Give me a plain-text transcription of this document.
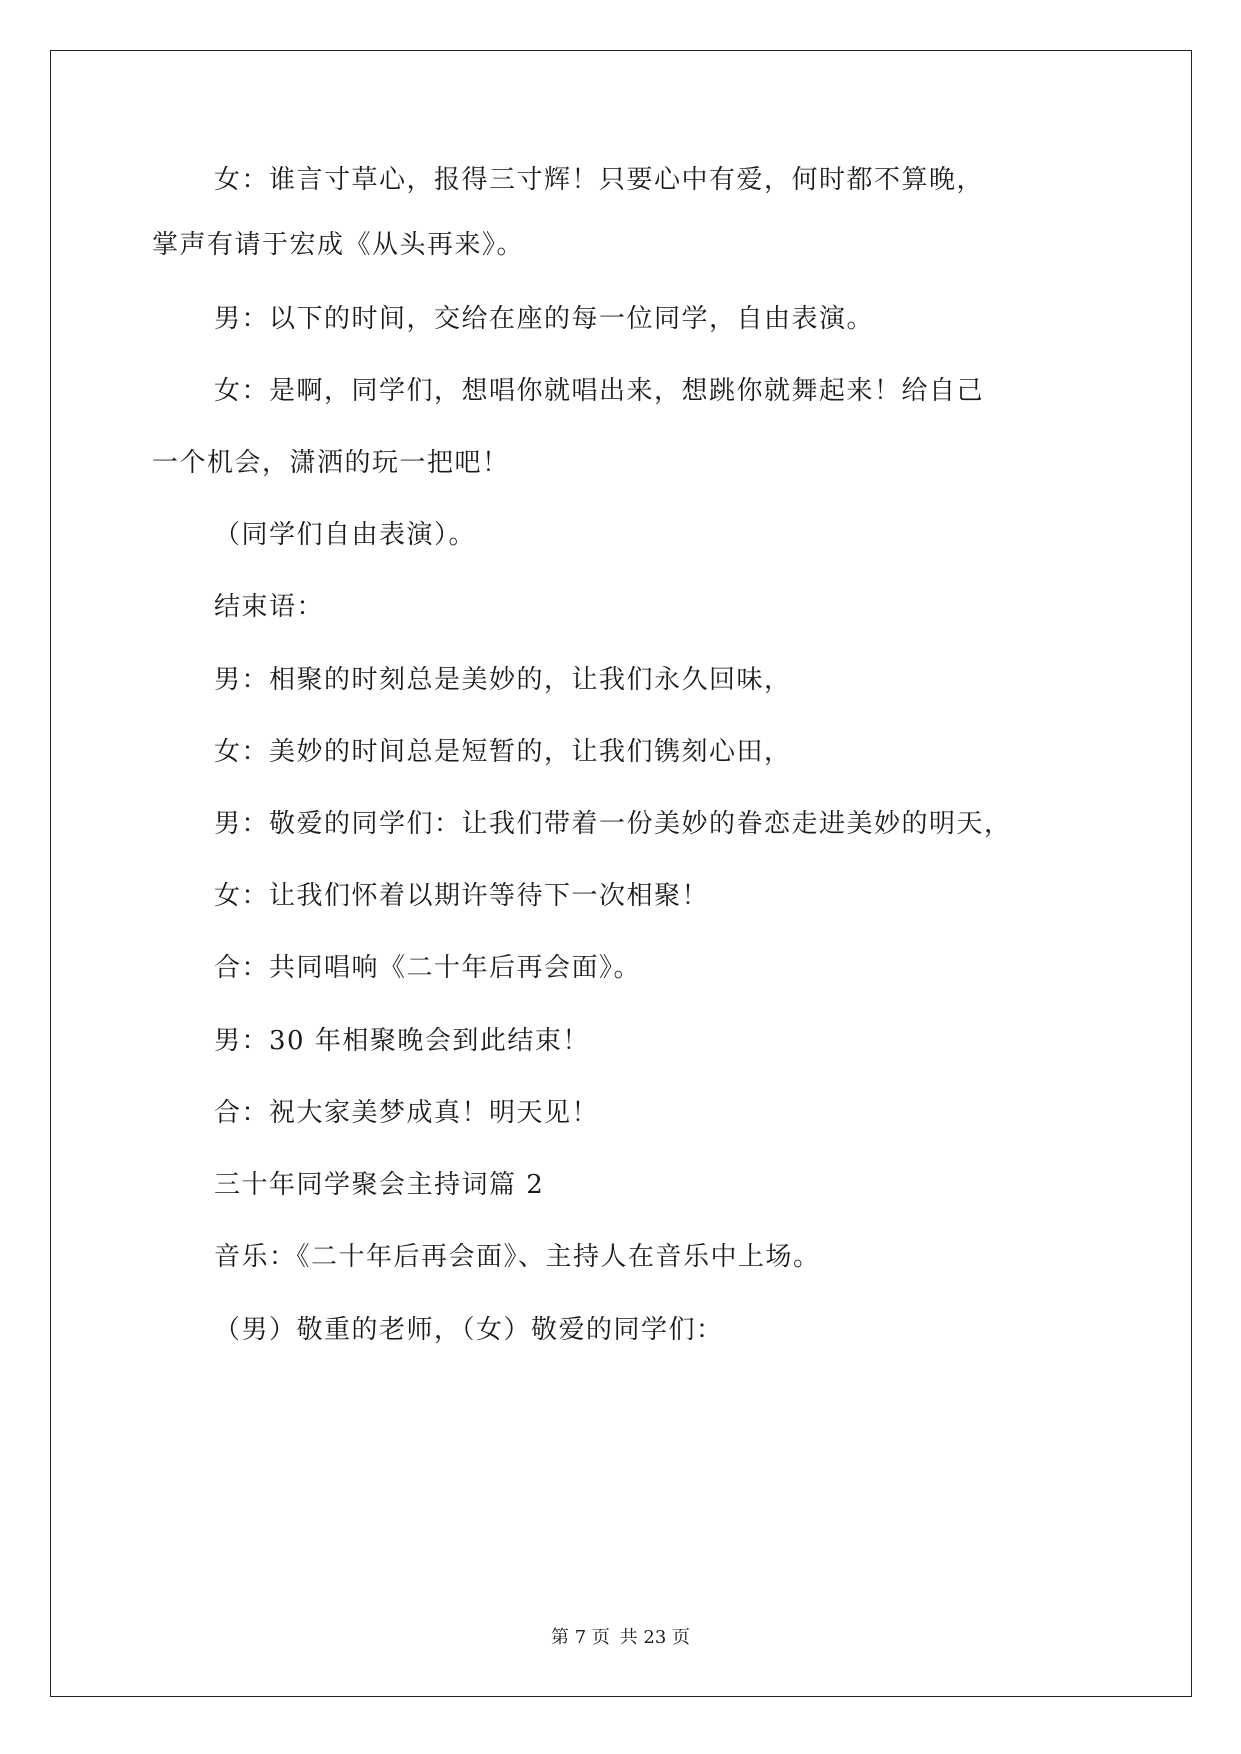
女：谁言寸草心，报得三寸辉！只要心中有爱，何时都不算晚，
掌声有请于宏成《从头再来》。
男：以下的时间，交给在座的每一位同学，自由表演。
女：是啊，同学们，想唱你就唱出来，想跳你就舞起来！给自己
一个机会，潇洒的玩一把吧！
（同学们自由表演）。
结束语：
男：相聚的时刻总是美妙的，让我们永久回味，
女：美妙的时间总是短暂的，让我们镌刻心田，
男：敬爱的同学们：让我们带着一份美妙的眷恋走进美妙的明天，
女：让我们怀着以期许等待下一次相聚！
合：共同唱响《二十年后再会面》。
男：30 年相聚晚会到此结束！
合：祝大家美梦成真！明天见！
三十年同学聚会主持词篇 2
音乐：《二十年后再会面》、主持人在音乐中上场。
（男）敬重的老师，（女）敬爱的同学们：
第 7 页 共 23 页
